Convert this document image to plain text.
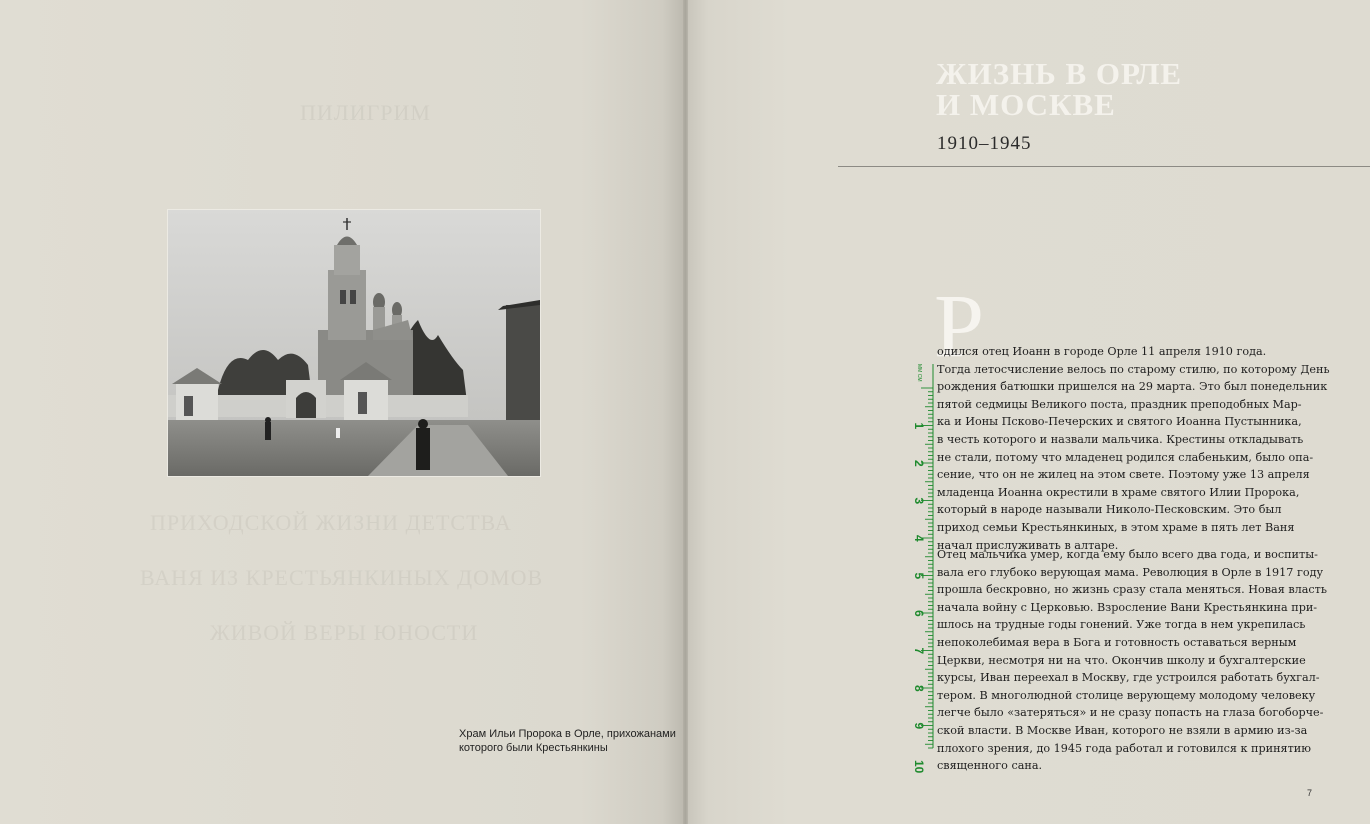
ПИЛИГРИМ
ПРИХОДСКОЙ ЖИЗНИ ДЕТСТВА
ВАНЯ ИЗ КРЕСТЬЯНКИНЫХ ДОМОВ
ЖИВОЙ ВЕРЫ ЮНОСТИ
Храм Ильи Пророка в Орле, прихожанами
которого были Крестьянкины
ЖИЗНЬ В ОРЛЕ
И МОСКВЕ
1910–1945
Р
одился отец Иоанн в городе Орле 11 апреля 1910 года.
Тогда летосчисление велось по старому стилю, по которому День
рождения батюшки пришелся на 29 марта. Это был понедельник
пятой седмицы Великого поста, праздник преподобных Мар-
ка и Ионы Псково-Печерских и святого Иоанна Пустынника,
в честь которого и назвали мальчика. Крестины откладывать
не стали, потому что младенец родился слабеньким, было опа-
сение, что он не жилец на этом свете. Поэтому уже 13 апреля
младенца Иоанна окрестили в храме святого Илии Пророка,
который в народе называли Николо-Песковским. Это был
приход семьи Крестьянкиных, в этом храме в пять лет Ваня
начал прислуживать в алтаре.
Отец мальчика умер, когда ему было всего два года, и воспиты-
вала его глубоко верующая мама. Революция в Орле в 1917 году
прошла бескровно, но жизнь сразу стала меняться. Новая власть
начала войну с Церковью. Взросление Вани Крестьянкина при-
шлось на трудные годы гонений. Уже тогда в нем укрепилась
непоколебимая вера в Бога и готовность оставаться верным
Церкви, несмотря ни на что. Окончив школу и бухгалтерские
курсы, Иван переехал в Москву, где устроился работать бухгал-
тером. В многолюдной столице верующему молодому человеку
легче было «затеряться» и не сразу попасть на глаза богоборче-
ской власти. В Москве Иван, которого не взяли в армию из-за
плохого зрения, до 1945 года работал и готовился к принятию
священного сана.
MM CM
1
2
3
4
5
6
7
8
9
10
7
